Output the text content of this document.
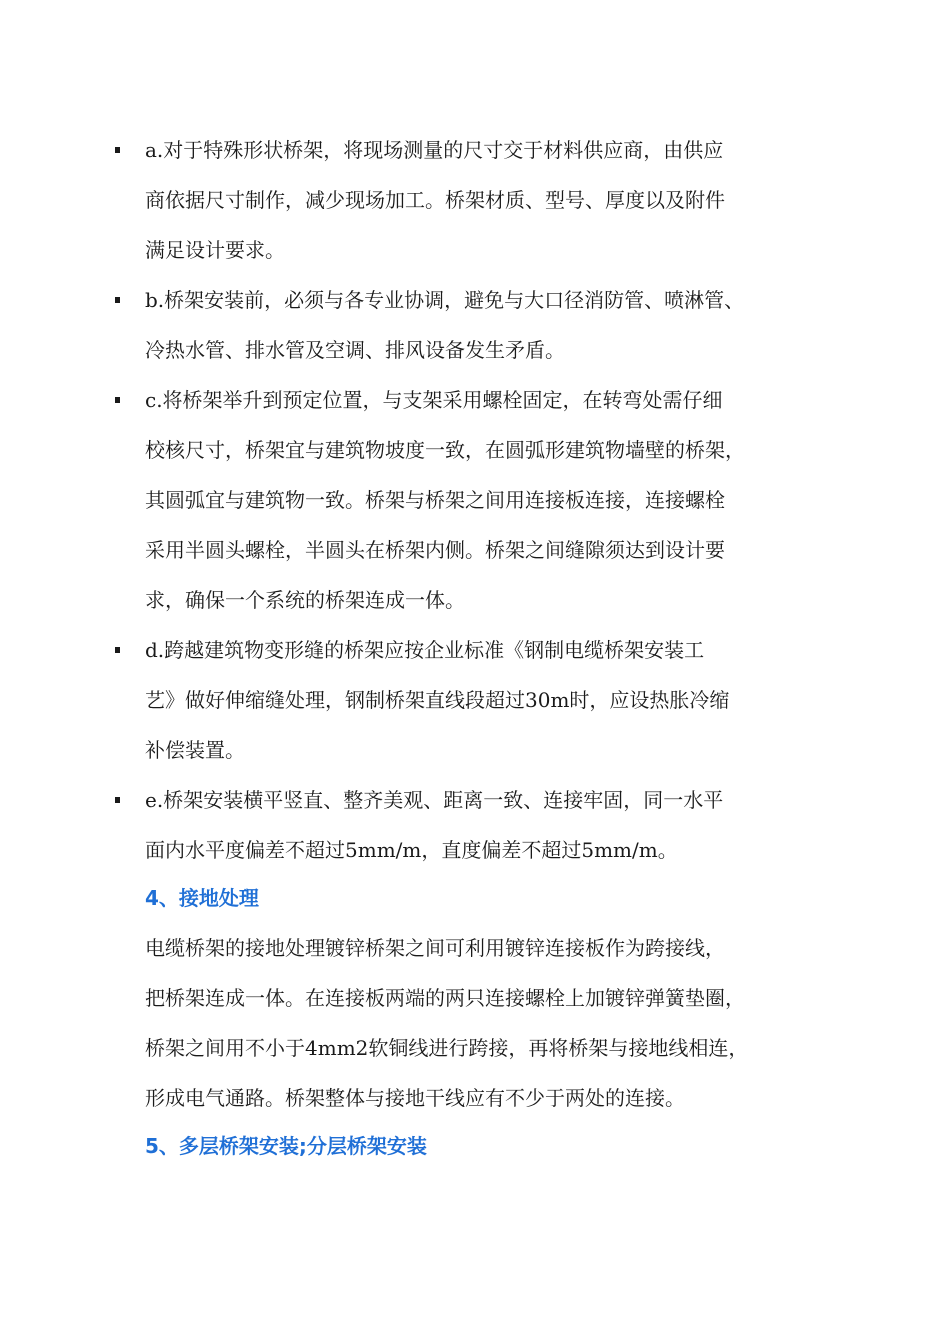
a.对于特殊形状桥架，将现场测量的尺寸交于材料供应商，由供应
商依据尺寸制作，减少现场加工。桥架材质、型号、厚度以及附件
满足设计要求。
b.桥架安装前，必须与各专业协调，避免与大口径消防管、喷淋管、
冷热水管、排水管及空调、排风设备发生矛盾。
c.将桥架举升到预定位置，与支架采用螺栓固定，在转弯处需仔细
校核尺寸，桥架宜与建筑物坡度一致，在圆弧形建筑物墙壁的桥架，
其圆弧宜与建筑物一致。桥架与桥架之间用连接板连接，连接螺栓
采用半圆头螺栓，半圆头在桥架内侧。桥架之间缝隙须达到设计要
求，确保一个系统的桥架连成一体。
d.跨越建筑物变形缝的桥架应按企业标准《钢制电缆桥架安装工
艺》做好伸缩缝处理，钢制桥架直线段超过30m时，应设热胀冷缩
补偿装置。
e.桥架安装横平竖直、整齐美观、距离一致、连接牢固，同一水平
面内水平度偏差不超过5mm/m，直度偏差不超过5mm/m。
4、接地处理
电缆桥架的接地处理镀锌桥架之间可利用镀锌连接板作为跨接线，
把桥架连成一体。在连接板两端的两只连接螺栓上加镀锌弹簧垫圈，
桥架之间用不小于4mm2软铜线进行跨接，再将桥架与接地线相连，
形成电气通路。桥架整体与接地干线应有不少于两处的连接。
5、多层桥架安装;分层桥架安装
